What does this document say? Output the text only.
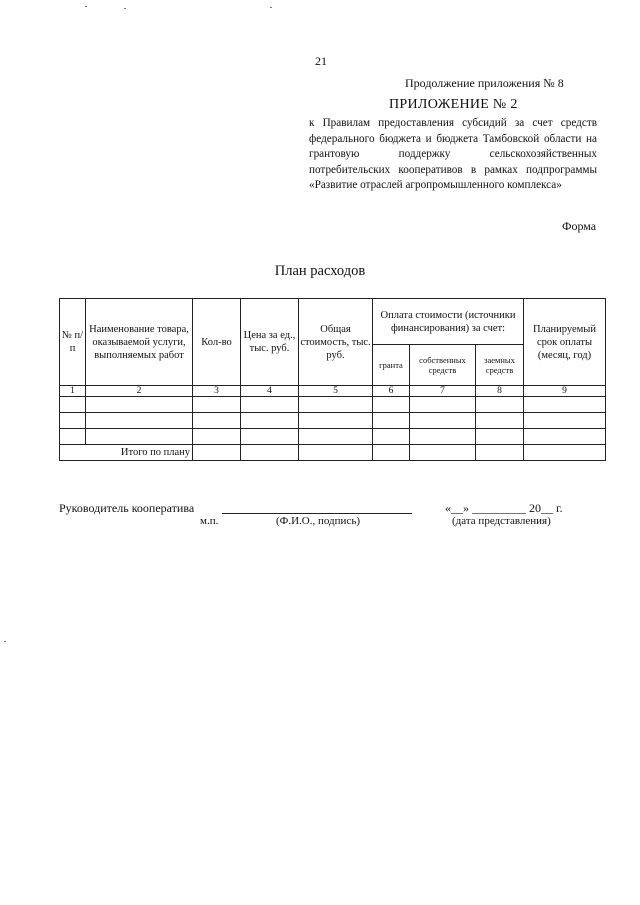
21
Продолжение приложения № 8
ПРИЛОЖЕНИЕ № 2
к Правилам предоставления субсидий за счет средств федерального бюджета и бюджета Тамбовской области на грантовую поддержку сельскохозяйственных потребительских кооперативов в рамках подпрограммы «Развитие отраслей агропромышленного комплекса»
Форма
План расходов
№ п/п	Наименование товара, оказываемой услуги, выполняемых работ	Кол-во	Цена за ед., тыс. руб.	Общая стоимость, тыс. руб.	Оплата стоимости (источники финансирования) за счет:			Планируемый срок оплаты (месяц, год)
					гранта	собственных средств	заемных средств	
1	2	3	4	5	6	7	8	9

Итого по плану								
Руководитель кооператива	«__» _________ 20__ г.
м.п.	(Ф.И.О., подпись)	(дата представления)
